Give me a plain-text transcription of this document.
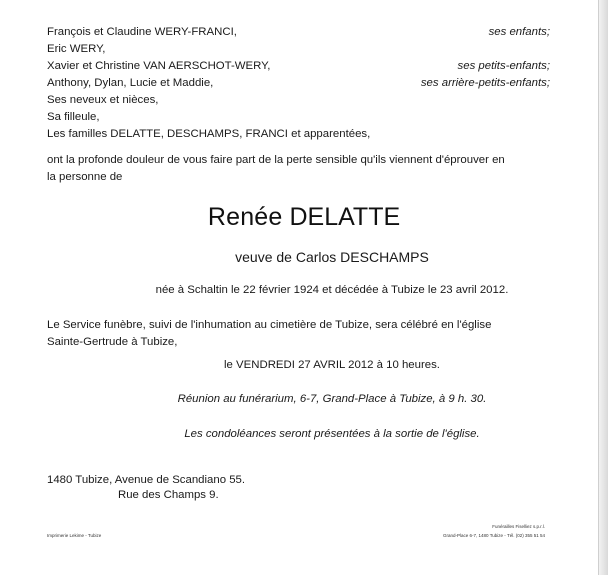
François et Claudine WERY-FRANCI,	ses enfants;
Eric WERY,
Xavier et Christine VAN AERSCHOT-WERY,	ses petits-enfants;
Anthony, Dylan, Lucie et Maddie,	ses arrière-petits-enfants;
Ses neveux et nièces,
Sa filleule,
Les familles DELATTE, DESCHAMPS, FRANCI et apparentées,
ont la profonde douleur de vous faire part de la perte sensible qu'ils viennent d'éprouver en
la personne de
Renée DELATTE
veuve de Carlos DESCHAMPS
née à Schaltin le 22 février 1924 et décédée à Tubize le 23 avril 2012.
Le Service funèbre, suivi de l'inhumation au cimetière de Tubize, sera célébré en l'église
Sainte-Gertrude à Tubize,
le VENDREDI 27 AVRIL 2012 à 10 heures.
Réunion au funérarium, 6-7, Grand-Place à Tubize, à 9 h. 30.
Les condoléances seront présentées à la sortie de l'église.
1480 Tubize, Avenue de Scandiano 55.
Rue des Champs 9.
Imprimerie Lekime - Tubize
Funérailles Fiselliez s.p.r.l.
Grand-Place 6-7, 1480 Tubize - Tél. (02) 355 51 54
